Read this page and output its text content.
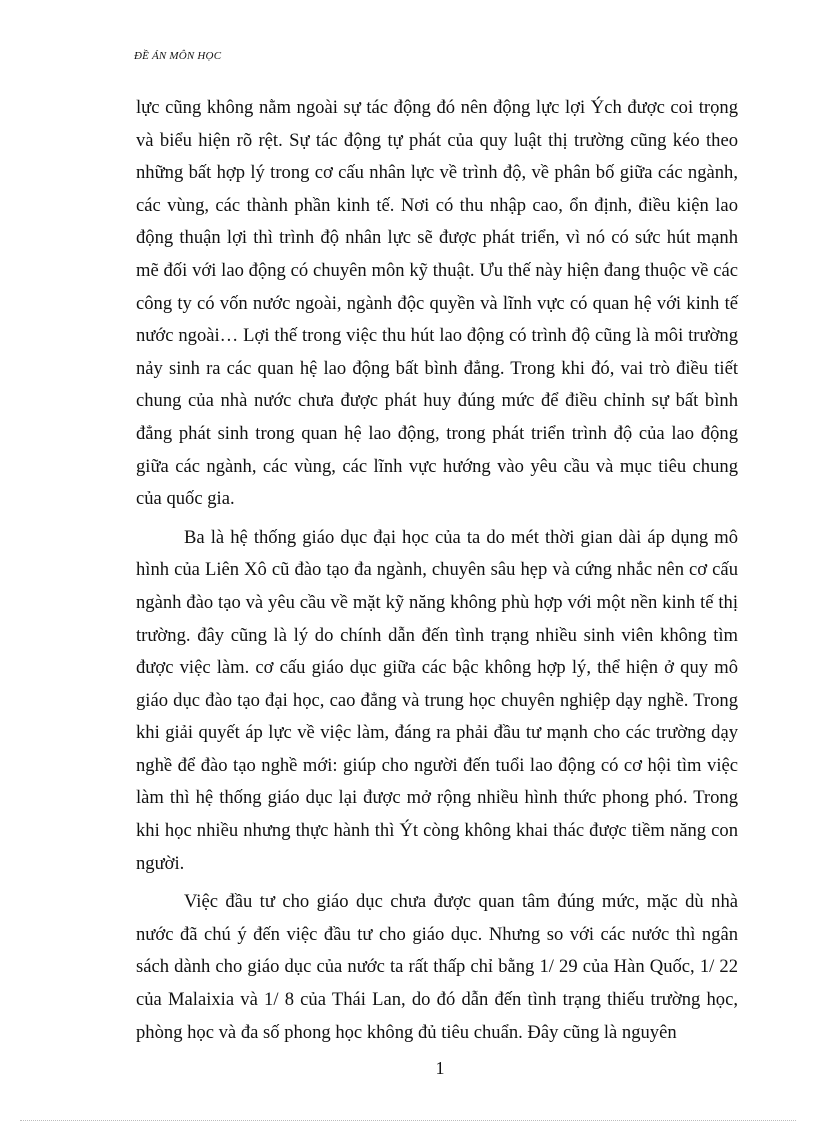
ĐỀ ÁN MÔN HỌC

lực cũng không nằm ngoài sự tác động đó nên động lực lợi Ých được coi trọng và biểu hiện rõ rệt. Sự tác động tự phát của quy luật thị trường cũng kéo theo những bất hợp lý trong cơ cấu nhân lực về trình độ, về phân bố giữa các ngành, các vùng, các thành phần kinh tế. Nơi có thu nhập cao, ổn định, điều kiện lao động thuận lợi thì trình độ nhân lực sẽ được phát triển, vì nó có sức hút mạnh mẽ đối với lao động có chuyên môn kỹ thuật. Ưu thế này hiện đang thuộc về các công ty có vốn nước ngoài, ngành độc quyền và lĩnh vực có quan hệ với kinh tế nước ngoài… Lợi thế trong việc thu hút lao động có trình độ cũng là môi trường nảy sinh ra các quan hệ lao động bất bình đẳng. Trong khi đó, vai trò điều tiết chung của nhà nước chưa được phát huy đúng mức để điều chỉnh sự bất bình đẳng phát sinh trong quan hệ lao động, trong phát triển trình độ của lao động giữa các ngành, các vùng, các lĩnh vực hướng vào yêu cầu và mục tiêu chung của quốc gia.

Ba là hệ thống giáo dục đại học của ta do mét thời gian dài áp dụng mô hình của Liên Xô cũ đào tạo đa ngành, chuyên sâu hẹp và cứng nhắc nên cơ cấu ngành đào tạo và yêu cầu về mặt kỹ năng không phù hợp với một nền kinh tế thị trường. đây cũng là lý do chính dẫn đến tình trạng nhiều sinh viên không tìm được việc làm. cơ cấu giáo dục giữa các bậc không hợp lý, thể hiện ở quy mô giáo dục đào tạo đại học, cao đẳng và trung học chuyên nghiệp dạy nghề. Trong khi giải quyết áp lực về việc làm, đáng ra phải đầu tư mạnh cho các trường dạy nghề để đào tạo nghề mới: giúp cho người đến tuổi lao động có cơ hội tìm việc làm thì hệ thống giáo dục lại được mở rộng nhiều hình thức phong phó. Trong khi học nhiều nhưng thực hành thì Ýt còng không khai thác được tiềm năng con người.

Việc đầu tư cho giáo dục chưa được quan tâm đúng mức, mặc dù nhà nước đã chú ý đến việc đầu tư cho giáo dục. Nhưng so với các nước thì ngân sách dành cho giáo dục của nước ta rất thấp chỉ bằng 1/ 29 của Hàn Quốc, 1/ 22 của Malaixia và 1/ 8 của Thái Lan, do đó dẫn đến tình trạng thiếu trường học, phòng học và đa số phong học không đủ tiêu chuẩn. Đây cũng là nguyên

1
